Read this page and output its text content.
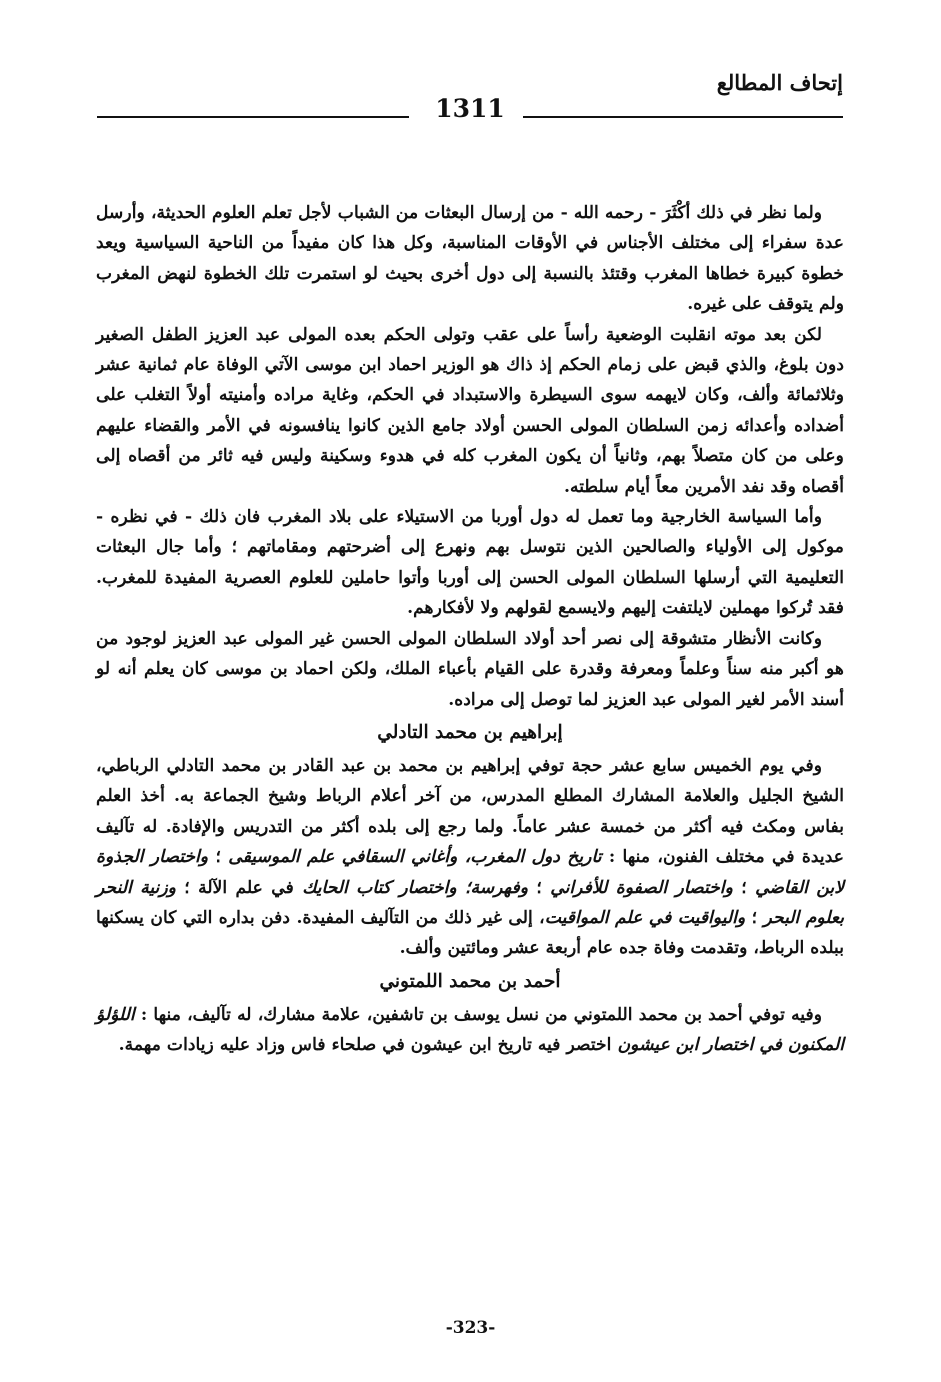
إتحاف المطالع
1311

ولما نظر في ذلك أكْثَرَ - رحمه الله - من إرسال البعثات من الشباب لأجل تعلم العلوم الحديثة، وأرسل عدة سفراء إلى مختلف الأجناس في الأوقات المناسبة، وكل هذا كان مفيداً من الناحية السياسية ويعد خطوة كبيرة خطاها المغرب وقتئذ بالنسبة إلى دول أخرى بحيث لو استمرت تلك الخطوة لنهض المغرب ولم يتوقف على غيره.

لكن بعد موته انقلبت الوضعية رأساً على عقب وتولى الحكم بعده المولى عبد العزيز الطفل الصغير دون بلوغ، والذي قبض على زمام الحكم إذ ذاك هو الوزير احماد ابن موسى الآتي الوفاة عام ثمانية عشر وثلاثمائة وألف، وكان لايهمه سوى السيطرة والاستبداد في الحكم، وغاية مراده وأمنيته أولاً التغلب على أضداده وأعدائه زمن السلطان المولى الحسن أولاد جامع الذين كانوا ينافسونه في الأمر والقضاء عليهم وعلى من كان متصلاً بهم، وثانياً أن يكون المغرب كله في هدوء وسكينة وليس فيه ثائر من أقصاه إلى أقصاه وقد نفد الأمرين معاً أيام سلطته.

وأما السياسة الخارجية وما تعمل له دول أوربا من الاستيلاء على بلاد المغرب فان ذلك - في نظره - موكول إلى الأولياء والصالحين الذين نتوسل بهم ونهرع إلى أضرحتهم ومقاماتهم ؛ وأما جال البعثات التعليمية التي أرسلها السلطان المولى الحسن إلى أوربا وأتوا حاملين للعلوم العصرية المفيدة للمغرب. فقد تُركوا مهملين لايلتفت إليهم ولايسمع لقولهم ولا لأفكارهم.

وكانت الأنظار متشوقة إلى نصر أحد أولاد السلطان المولى الحسن غير المولى عبد العزيز لوجود من هو أكبر منه سناً وعلماً ومعرفة وقدرة على القيام بأعباء الملك، ولكن احماد بن موسى كان يعلم أنه لو أسند الأمر لغير المولى عبد العزيز لما توصل إلى مراده.

إبراهيم بن محمد التادلي

وفي يوم الخميس سابع عشر حجة توفي إبراهيم بن محمد بن عبد القادر بن محمد التادلي الرباطي، الشيخ الجليل والعلامة المشارك المطلع المدرس، من آخر أعلام الرباط وشيخ الجماعة به. أخذ العلم بفاس ومكث فيه أكثر من خمسة عشر عاماً. ولما رجع إلى بلده أكثر من التدريس والإفادة. له تآليف عديدة في مختلف الفنون، منها : تاريخ دول المغرب، وأغاني السقافي علم الموسيقى ؛ واختصار الجذوة لابن القاضي ؛ واختصار الصفوة للأفراني ؛ وفهرسة؛ واختصار كتاب الحايك في علم الآلة ؛ وزنية النحر بعلوم البحر ؛ واليواقيت في علم المواقيت، إلى غير ذلك من التآليف المفيدة. دفن بداره التي كان يسكنها ببلده الرباط، وتقدمت وفاة جده عام أربعة عشر ومائتين وألف.

أحمد بن محمد اللمتوني

وفيه توفي أحمد بن محمد اللمتوني من نسل يوسف بن تاشفين، علامة مشارك، له تآليف، منها : اللؤلؤ المكنون في اختصار ابن عيشون اختصر فيه تاريخ ابن عيشون في صلحاء فاس وزاد عليه زيادات مهمة.

-323-
